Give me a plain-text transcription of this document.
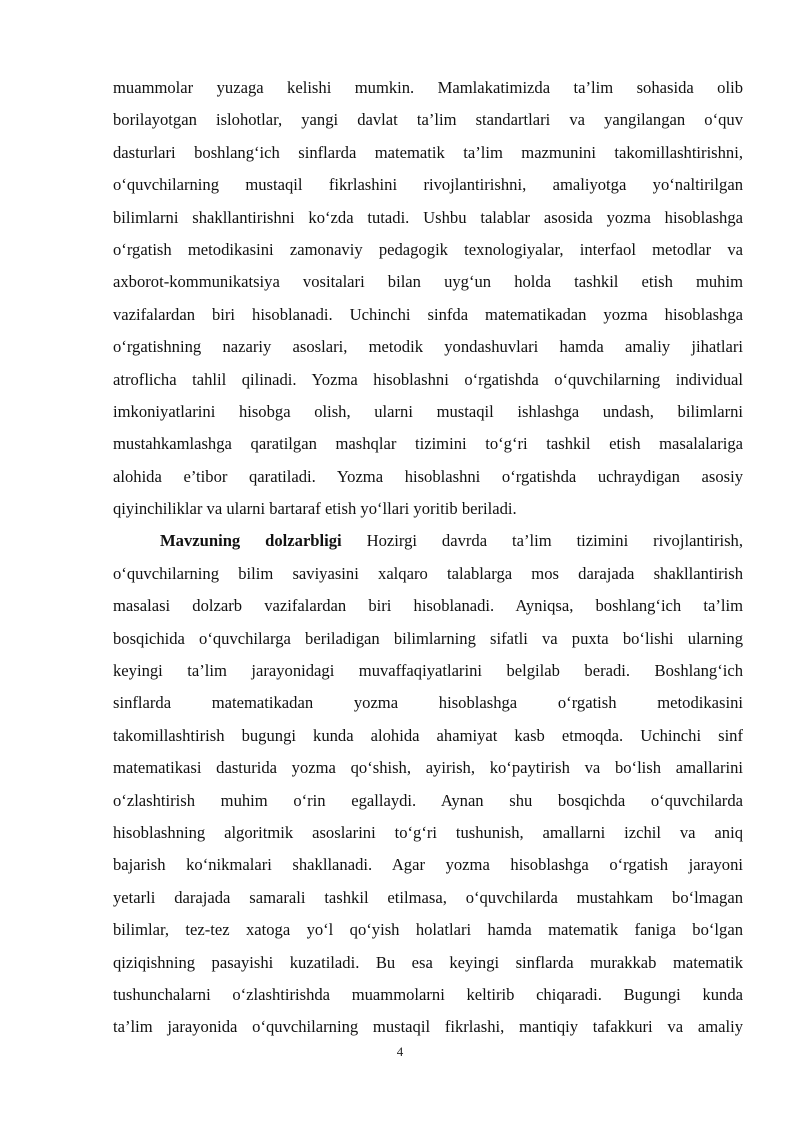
muammolar yuzaga kelishi mumkin. Mamlakatimizda ta’lim sohasida olib
borilayotgan islohotlar, yangi davlat ta’lim standartlari va yangilangan o‘quv
dasturlari boshlang‘ich sinflarda matematik ta’lim mazmunini takomillashtirishni,
o‘quvchilarning mustaqil fikrlashini rivojlantirishni, amaliyotga yo‘naltirilgan
bilimlarni shakllantirishni ko‘zda tutadi. Ushbu talablar asosida yozma hisoblashga
o‘rgatish metodikasini zamonaviy pedagogik texnologiyalar, interfaol metodlar va
axborot-kommunikatsiya vositalari bilan uyg‘un holda tashkil etish muhim
vazifalardan biri hisoblanadi. Uchinchi sinfda matematikadan yozma hisoblashga
o‘rgatishning nazariy asoslari, metodik yondashuvlari hamda amaliy jihatlari
atroflicha tahlil qilinadi. Yozma hisoblashni o‘rgatishda o‘quvchilarning individual
imkoniyatlarini hisobga olish, ularni mustaqil ishlashga undash, bilimlarni
mustahkamlashga qaratilgan mashqlar tizimini to‘g‘ri tashkil etish masalalariga
alohida e’tibor qaratiladi. Yozma hisoblashni o‘rgatishda uchraydigan asosiy
qiyinchiliklar va ularni bartaraf etish yo‘llari yoritib beriladi.
Mavzuning dolzarbligi Hozirgi davrda ta’lim tizimini rivojlantirish,
o‘quvchilarning bilim saviyasini xalqaro talablarga mos darajada shakllantirish
masalasi dolzarb vazifalardan biri hisoblanadi. Ayniqsa, boshlang‘ich ta’lim
bosqichida o‘quvchilarga beriladigan bilimlarning sifatli va puxta bo‘lishi ularning
keyingi ta’lim jarayonidagi muvaffaqiyatlarini belgilab beradi. Boshlang‘ich
sinflarda matematikadan yozma hisoblashga o‘rgatish metodikasini
takomillashtirish bugungi kunda alohida ahamiyat kasb etmoqda. Uchinchi sinf
matematikasi dasturida yozma qo‘shish, ayirish, ko‘paytirish va bo‘lish amallarini
o‘zlashtirish muhim o‘rin egallaydi. Aynan shu bosqichda o‘quvchilarda
hisoblashning algoritmik asoslarini to‘g‘ri tushunish, amallarni izchil va aniq
bajarish ko‘nikmalari shakllanadi. Agar yozma hisoblashga o‘rgatish jarayoni
yetarli darajada samarali tashkil etilmasa, o‘quvchilarda mustahkam bo‘lmagan
bilimlar, tez-tez xatoga yo‘l qo‘yish holatlari hamda matematik faniga bo‘lgan
qiziqishning pasayishi kuzatiladi. Bu esa keyingi sinflarda murakkab matematik
tushunchalarni o‘zlashtirishda muammolarni keltirib chiqaradi. Bugungi kunda
ta’lim jarayonida o‘quvchilarning mustaqil fikrlashi, mantiqiy tafakkuri va amaliy
4
